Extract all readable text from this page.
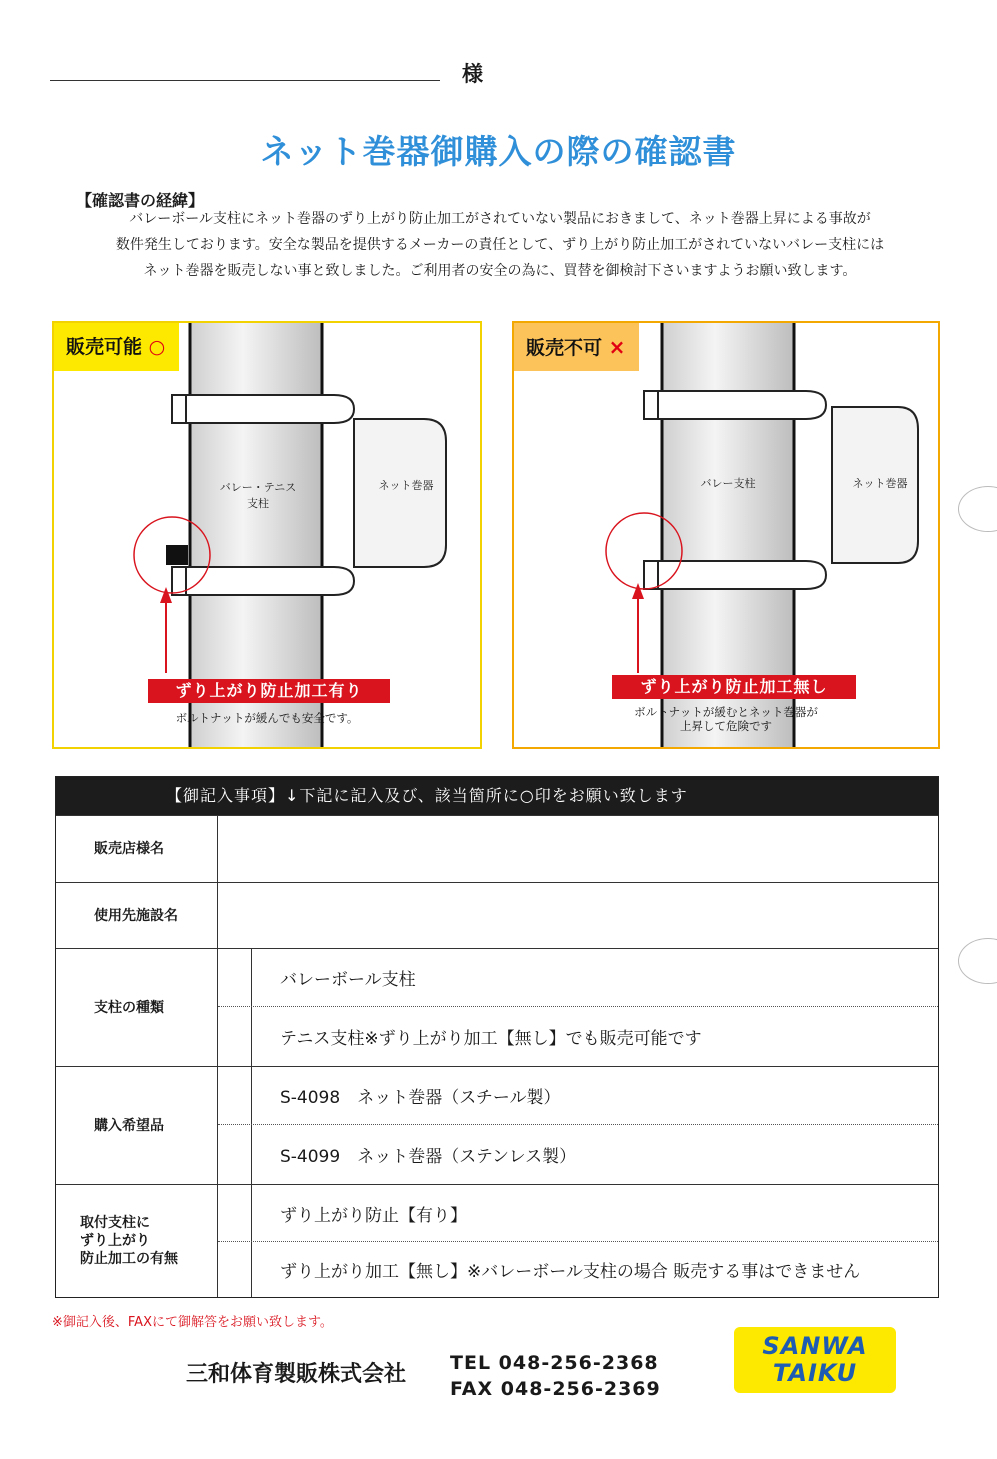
様
ネット巻器御購入の際の確認書
【確認書の経緯】
バレーボール支柱にネット巻器のずり上がり防止加工がされていない製品におきまして、ネット巻器上昇による事故が
数件発生しております。安全な製品を提供するメーカーの責任として、ずり上がり防止加工がされていないバレー支柱には
ネット巻器を販売しない事と致しました。ご利用者の安全の為に、買替を御検討下さいますようお願い致します。
バレー・テニス
支柱
ネット巻器
販売可能 ○
ずり上がり防止加工有り
ボルトナットが緩んでも安全です。
バレー支柱	ネット巻器
販売不可 ×
ずり上がり防止加工無し
ボルトナットが緩むとネット巻器が
上昇して危険です
【御記入事項】↓下記に記入及び、該当箇所に○印をお願い致します
販売店様名
使用先施設名
支柱の種類
バレーボール支柱
テニス支柱※ずり上がり加工【無し】でも販売可能です
購入希望品
S-4098　ネット巻器（スチール製）
S-4099　ネット巻器（ステンレス製）
取付支柱に
ずり上がり
防止加工の有無
ずり上がり防止【有り】
ずり上がり加工【無し】※バレーボール支柱の場合 販売する事はできません
※御記入後、FAXにて御解答をお願い致します。
三和体育製販株式会社 TEL 048-256-2368
FAX 048-256-2369
SANWA
TAIKU
